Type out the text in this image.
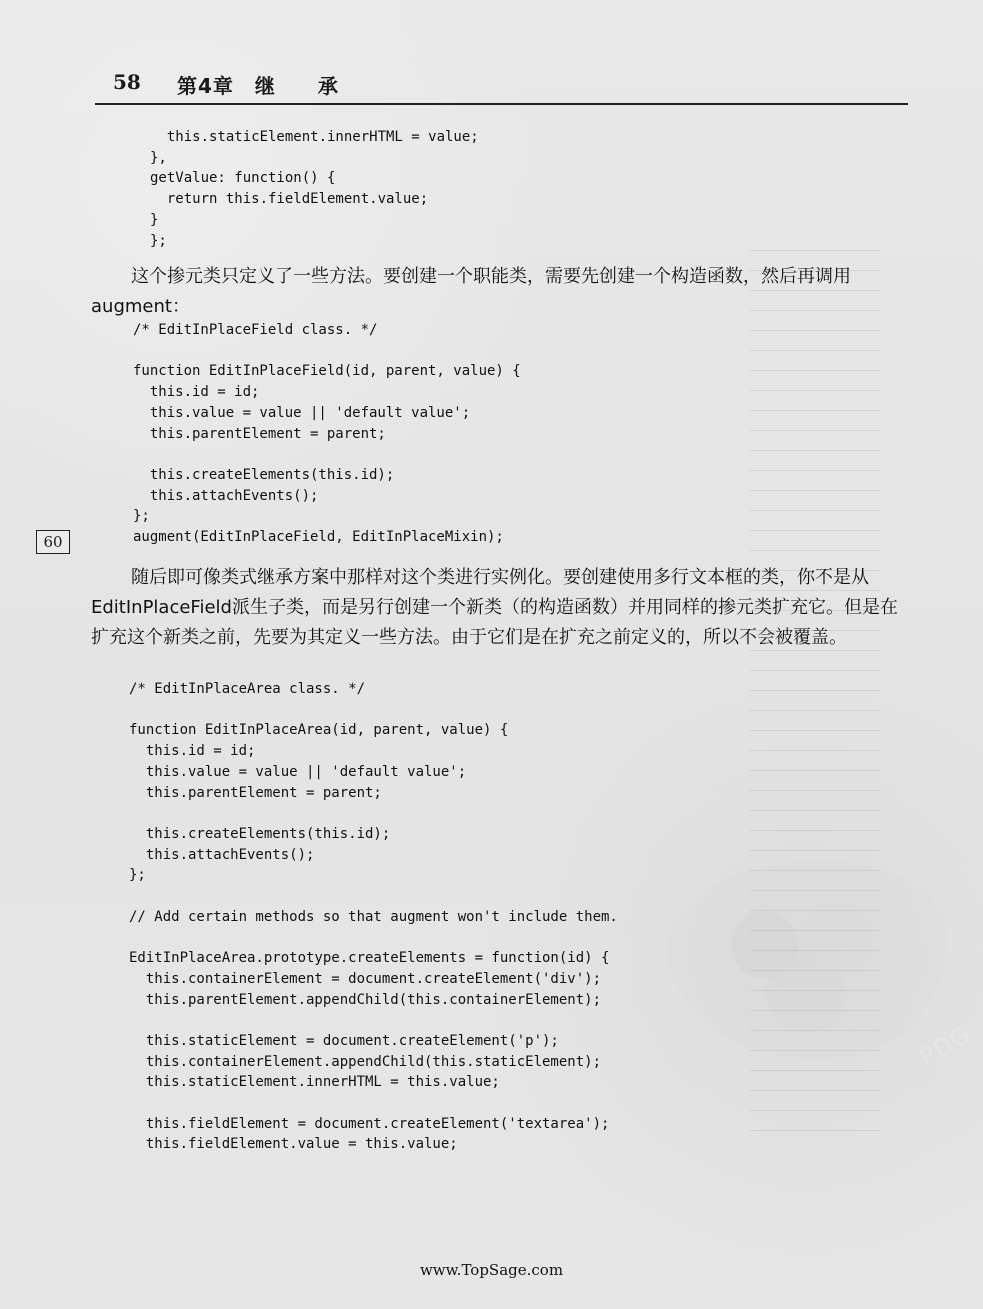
58 第4章　继　　承
60
this.staticElement.innerHTML = value;
},
getValue: function() {
return this.fieldElement.value;
}
};
这个掺元类只定义了一些方法。要创建一个职能类，需要先创建一个构造函数，然后再调用augment：
/* EditInPlaceField class. */

function EditInPlaceField(id, parent, value) {
this.id = id;
this.value = value || 'default value';
this.parentElement = parent;

this.createElements(this.id);
this.attachEvents();
};
augment(EditInPlaceField, EditInPlaceMixin);
随后即可像类式继承方案中那样对这个类进行实例化。要创建使用多行文本框的类，你不是从EditInPlaceField派生子类，而是另行创建一个新类（的构造函数）并用同样的掺元类扩充它。但是在扩充这个新类之前，先要为其定义一些方法。由于它们是在扩充之前定义的，所以不会被覆盖。
/* EditInPlaceArea class. */

function EditInPlaceArea(id, parent, value) {
this.id = id;
this.value = value || 'default value';
this.parentElement = parent;

this.createElements(this.id);
this.attachEvents();
};

// Add certain methods so that augment won't include them.

EditInPlaceArea.prototype.createElements = function(id) {
this.containerElement = document.createElement('div');
this.parentElement.appendChild(this.containerElement);

this.staticElement = document.createElement('p');
this.containerElement.appendChild(this.staticElement);
this.staticElement.innerHTML = this.value;

this.fieldElement = document.createElement('textarea');
this.fieldElement.value = this.value;
PDG
www.TopSage.com
